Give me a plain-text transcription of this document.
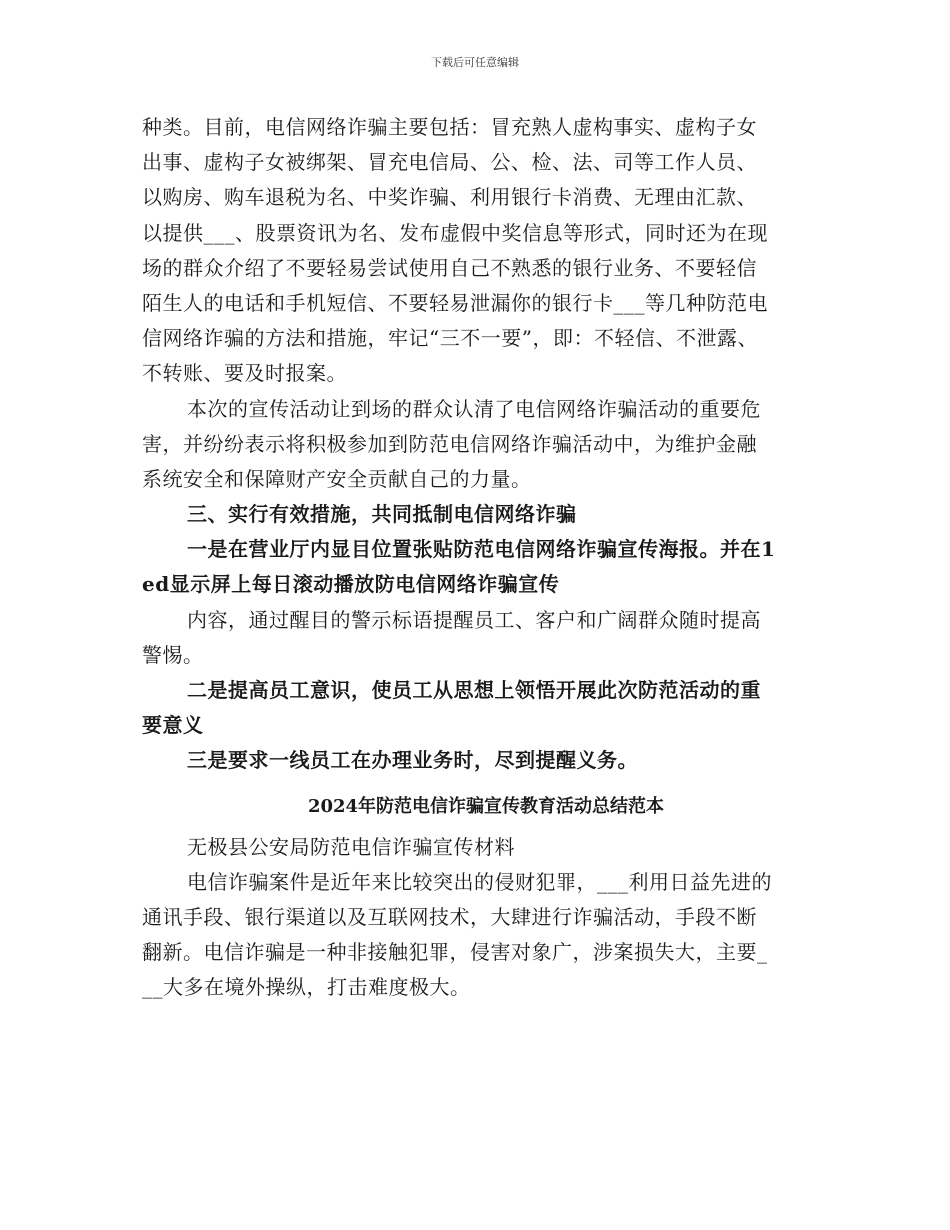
下载后可任意编辑
种类。目前，电信网络诈骗主要包括：冒充熟人虚构事实、虚构子女
出事、虚构子女被绑架、冒充电信局、公、检、法、司等工作人员、
以购房、购车退税为名、中奖诈骗、利用银行卡消费、无理由汇款、
以提供___、股票资讯为名、发布虚假中奖信息等形式，同时还为在现
场的群众介绍了不要轻易尝试使用自己不熟悉的银行业务、不要轻信
陌生人的电话和手机短信、不要轻易泄漏你的银行卡___等几种防范电
信网络诈骗的方法和措施，牢记“三不一要”，即：不轻信、不泄露、
不转账、要及时报案。
本次的宣传活动让到场的群众认清了电信网络诈骗活动的重要危
害，并纷纷表示将积极参加到防范电信网络诈骗活动中，为维护金融
系统安全和保障财产安全贡献自己的力量。
三、实行有效措施，共同抵制电信网络诈骗
一是在营业厅内显目位置张贴防范电信网络诈骗宣传海报。并在1
ed显示屏上每日滚动播放防电信网络诈骗宣传
内容，通过醒目的警示标语提醒员工、客户和广阔群众随时提高
警惕。
二是提高员工意识，使员工从思想上领悟开展此次防范活动的重
要意义
三是要求一线员工在办理业务时，尽到提醒义务。
2024年防范电信诈骗宣传教育活动总结范本
无极县公安局防范电信诈骗宣传材料
电信诈骗案件是近年来比较突出的侵财犯罪，___利用日益先进的
通讯手段、银行渠道以及互联网技术，大肆进行诈骗活动，手段不断
翻新。电信诈骗是一种非接触犯罪，侵害对象广，涉案损失大，主要_
__大多在境外操纵，打击难度极大。
